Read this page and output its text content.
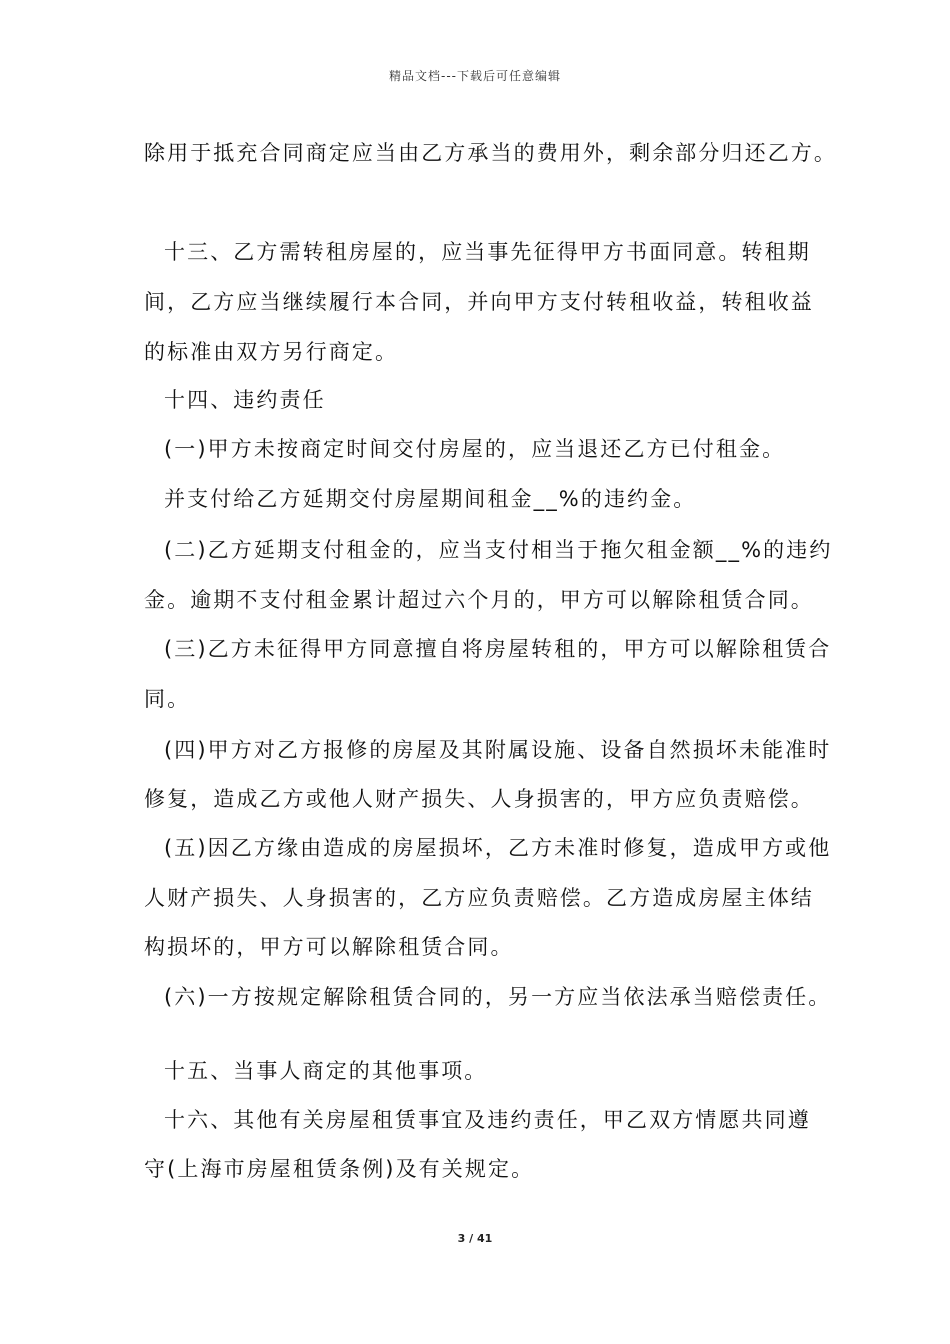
精品文档---下载后可任意编辑
除用于抵充合同商定应当由乙方承当的费用外，剩余部分归还乙方。
十三、乙方需转租房屋的，应当事先征得甲方书面同意。转租期
间，乙方应当继续履行本合同，并向甲方支付转租收益，转租收益
的标准由双方另行商定。
十四、违约责任
(一)甲方未按商定时间交付房屋的，应当退还乙方已付租金。
并支付给乙方延期交付房屋期间租金__%的违约金。
(二)乙方延期支付租金的，应当支付相当于拖欠租金额__%的违约
金。逾期不支付租金累计超过六个月的，甲方可以解除租赁合同。
(三)乙方未征得甲方同意擅自将房屋转租的，甲方可以解除租赁合
同。
(四)甲方对乙方报修的房屋及其附属设施、设备自然损坏未能准时
修复，造成乙方或他人财产损失、人身损害的，甲方应负责赔偿。
(五)因乙方缘由造成的房屋损坏，乙方未准时修复，造成甲方或他
人财产损失、人身损害的，乙方应负责赔偿。乙方造成房屋主体结
构损坏的，甲方可以解除租赁合同。
(六)一方按规定解除租赁合同的，另一方应当依法承当赔偿责任。
十五、当事人商定的其他事项。
十六、其他有关房屋租赁事宜及违约责任，甲乙双方情愿共同遵
守(上海市房屋租赁条例)及有关规定。
3 / 41
